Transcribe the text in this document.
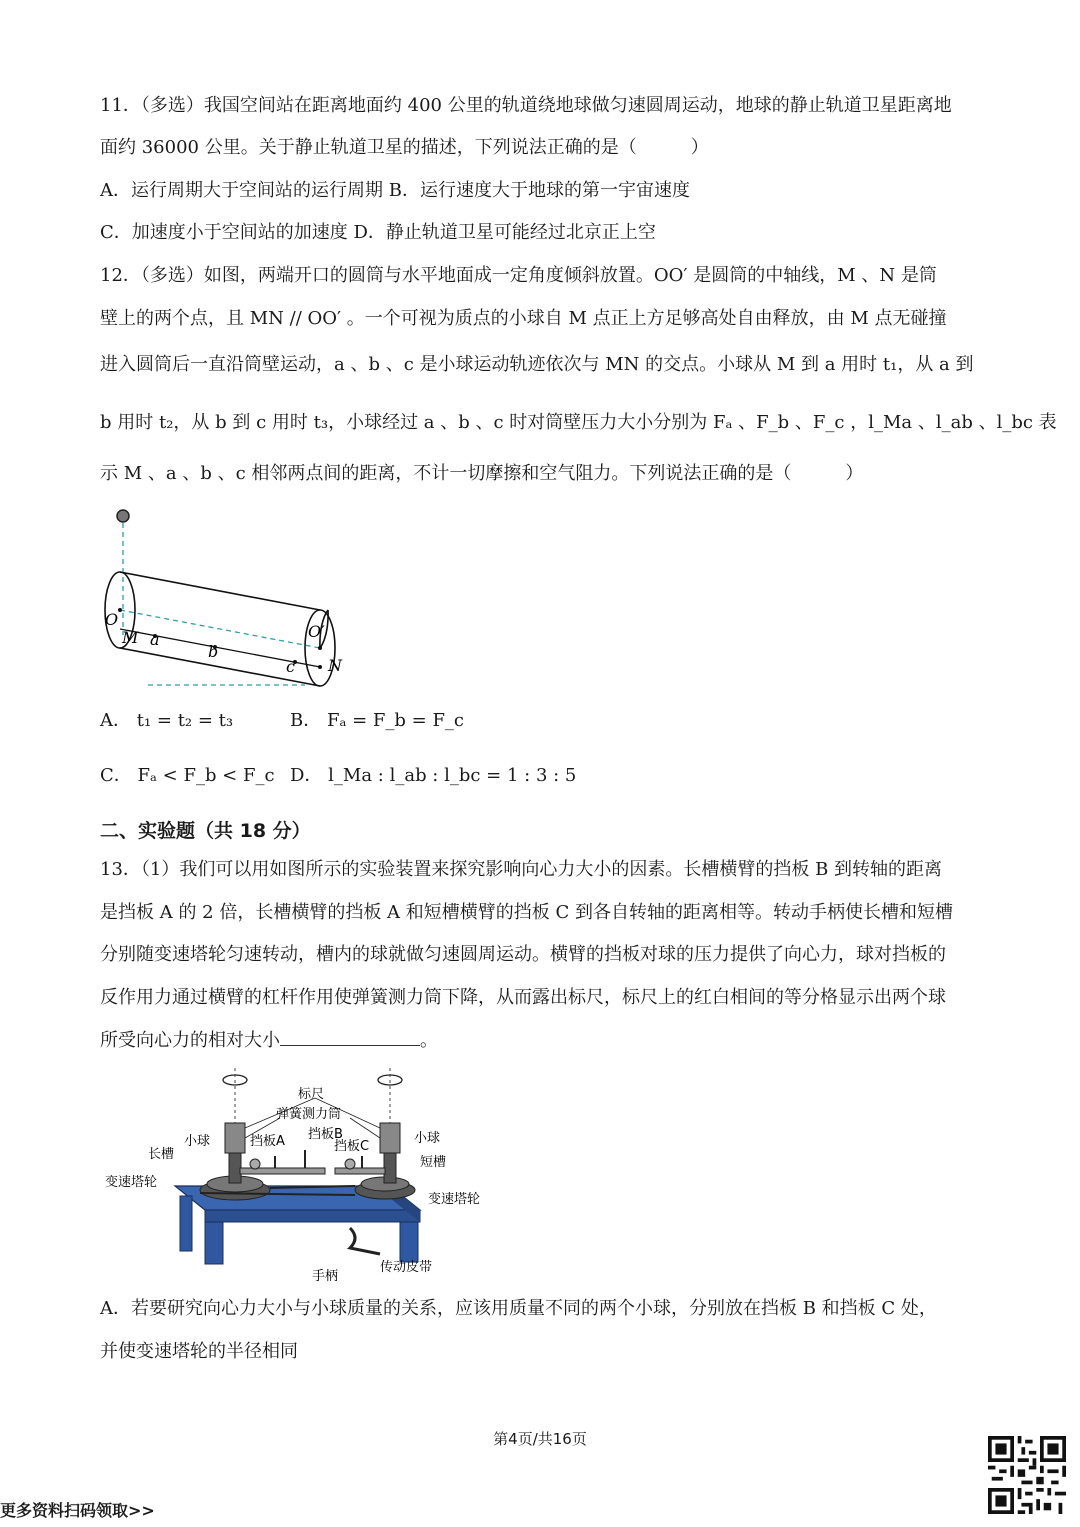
11．（多选）我国空间站在距离地面约 400 公里的轨道绕地球做匀速圆周运动，地球的静止轨道卫星距离地
面约 36000 公里。关于静止轨道卫星的描述，下列说法正确的是（　　　）
A．运行周期大于空间站的运行周期 B．运行速度大于地球的第一宇宙速度
C．加速度小于空间站的加速度 D．静止轨道卫星可能经过北京正上空
12．（多选）如图，两端开口的圆筒与水平地面成一定角度倾斜放置。OO′ 是圆筒的中轴线，M 、N 是筒
壁上的两个点，且 MN // OO′ 。一个可视为质点的小球自 M 点正上方足够高处自由释放，由 M 点无碰撞
进入圆筒后一直沿筒壁运动，a 、b 、c 是小球运动轨迹依次与 MN 的交点。小球从 M 到 a 用时 t₁，从 a 到
b 用时 t₂，从 b 到 c 用时 t₃，小球经过 a 、b 、c 时对筒壁压力大小分别为 Fₐ 、F_b 、F_c ，l_Ma 、l_ab 、l_bc 表
示 M 、a 、b 、c 相邻两点间的距离，不计一切摩擦和空气阻力。下列说法正确的是（　　　）
O
M a
b
c
O′
N
A． t₁ = t₂ = t₃	B． Fₐ = F_b = F_c
C． Fₐ < F_b < F_c D． l_Ma : l_ab : l_bc = 1 : 3 : 5
二、实验题（共 18 分）
13．（1）我们可以用如图所示的实验装置来探究影响向心力大小的因素。长槽横臂的挡板 B 到转轴的距离
是挡板 A 的 2 倍，长槽横臂的挡板 A 和短槽横臂的挡板 C 到各自转轴的距离相等。转动手柄使长槽和短槽
分别随变速塔轮匀速转动，槽内的球就做匀速圆周运动。横臂的挡板对球的压力提供了向心力，球对挡板的
反作用力通过横臂的杠杆作用使弹簧测力筒下降，从而露出标尺，标尺上的红白相间的等分格显示出两个球
所受向心力的相对大小	。
标尺
弹簧测力筒
小球	挡板A 挡板B
挡板C
小球
长槽
短槽
变速塔轮
变速塔轮
手柄
传动皮带
A．若要研究向心力大小与小球质量的关系，应该用质量不同的两个小球，分别放在挡板 B 和挡板 C 处，
并使变速塔轮的半径相同
第4页/共16页
更多资料扫码领取>>
